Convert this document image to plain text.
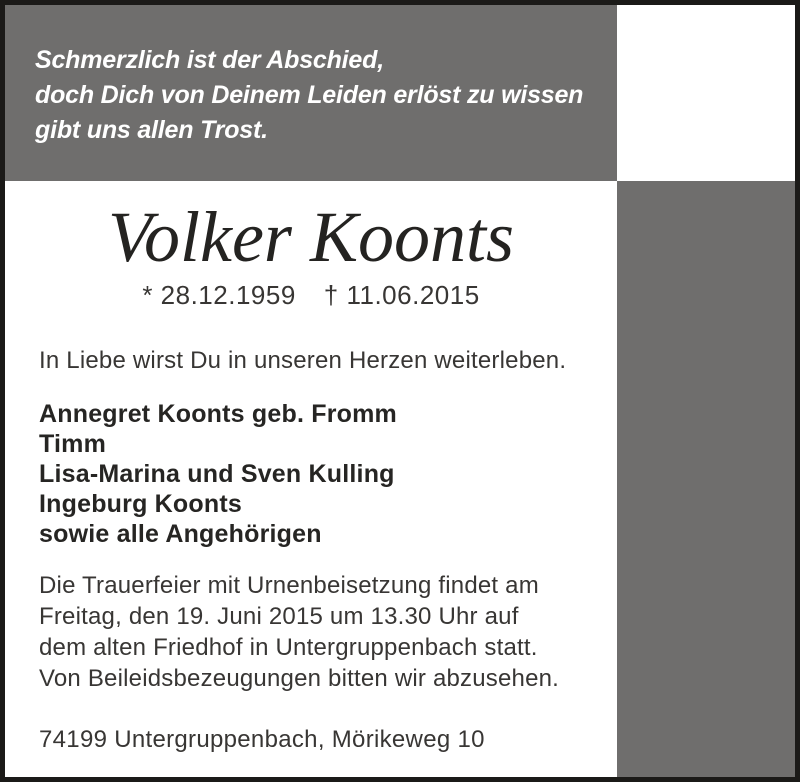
Schmerzlich ist der Abschied,
doch Dich von Deinem Leiden erlöst zu wissen
gibt uns allen Trost.
Volker Koonts
* 28.12.1959 † 11.06.2015
In Liebe wirst Du in unseren Herzen weiterleben.
Annegret Koonts geb. Fromm
Timm
Lisa-Marina und Sven Kulling
Ingeburg Koonts
sowie alle Angehörigen
Die Trauerfeier mit Urnenbeisetzung findet am
Freitag, den 19. Juni 2015 um 13.30 Uhr auf
dem alten Friedhof in Untergruppenbach statt.
Von Beileidsbezeugungen bitten wir abzusehen.
74199 Untergruppenbach, Mörikeweg 10
